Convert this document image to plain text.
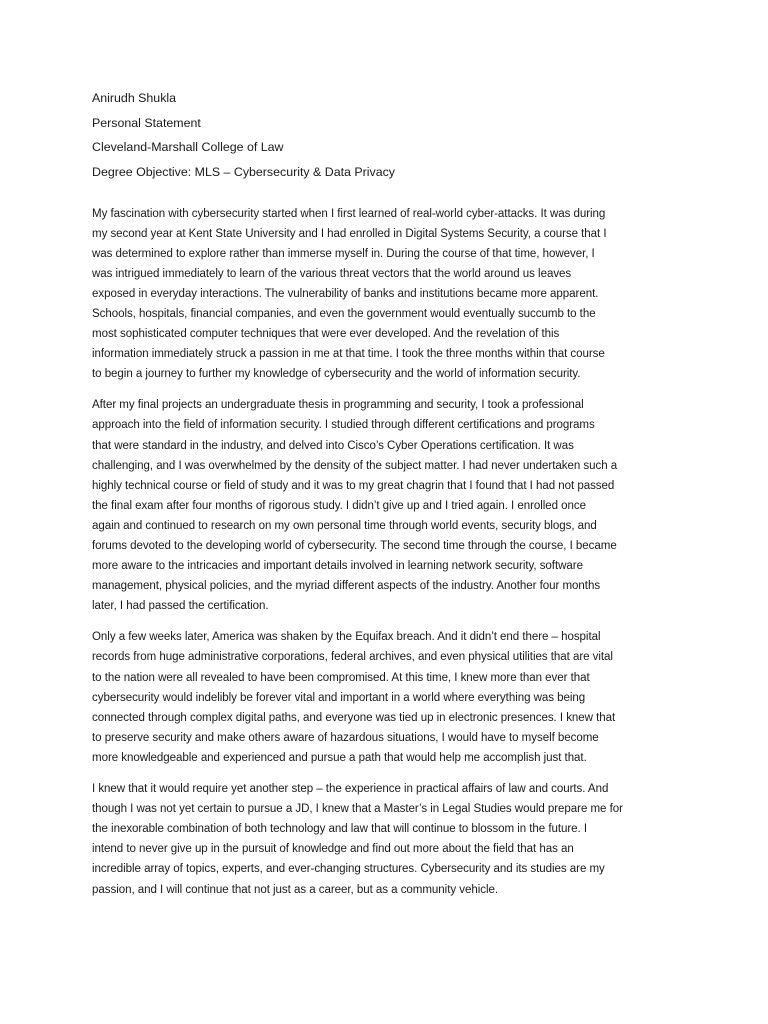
Anirudh Shukla
Personal Statement
Cleveland-Marshall College of Law
Degree Objective: MLS – Cybersecurity & Data Privacy
My fascination with cybersecurity started when I first learned of real-world cyber-attacks. It was during
my second year at Kent State University and I had enrolled in Digital Systems Security, a course that I
was determined to explore rather than immerse myself in. During the course of that time, however, I
was intrigued immediately to learn of the various threat vectors that the world around us leaves
exposed in everyday interactions. The vulnerability of banks and institutions became more apparent.
Schools, hospitals, financial companies, and even the government would eventually succumb to the
most sophisticated computer techniques that were ever developed. And the revelation of this
information immediately struck a passion in me at that time. I took the three months within that course
to begin a journey to further my knowledge of cybersecurity and the world of information security.
After my final projects an undergraduate thesis in programming and security, I took a professional
approach into the field of information security. I studied through different certifications and programs
that were standard in the industry, and delved into Cisco’s Cyber Operations certification. It was
challenging, and I was overwhelmed by the density of the subject matter. I had never undertaken such a
highly technical course or field of study and it was to my great chagrin that I found that I had not passed
the final exam after four months of rigorous study. I didn’t give up and I tried again. I enrolled once
again and continued to research on my own personal time through world events, security blogs, and
forums devoted to the developing world of cybersecurity. The second time through the course, I became
more aware to the intricacies and important details involved in learning network security, software
management, physical policies, and the myriad different aspects of the industry. Another four months
later, I had passed the certification.
Only a few weeks later, America was shaken by the Equifax breach. And it didn’t end there – hospital
records from huge administrative corporations, federal archives, and even physical utilities that are vital
to the nation were all revealed to have been compromised. At this time, I knew more than ever that
cybersecurity would indelibly be forever vital and important in a world where everything was being
connected through complex digital paths, and everyone was tied up in electronic presences. I knew that
to preserve security and make others aware of hazardous situations, I would have to myself become
more knowledgeable and experienced and pursue a path that would help me accomplish just that.
I knew that it would require yet another step – the experience in practical affairs of law and courts. And
though I was not yet certain to pursue a JD, I knew that a Master’s in Legal Studies would prepare me for
the inexorable combination of both technology and law that will continue to blossom in the future. I
intend to never give up in the pursuit of knowledge and find out more about the field that has an
incredible array of topics, experts, and ever-changing structures. Cybersecurity and its studies are my
passion, and I will continue that not just as a career, but as a community vehicle.
